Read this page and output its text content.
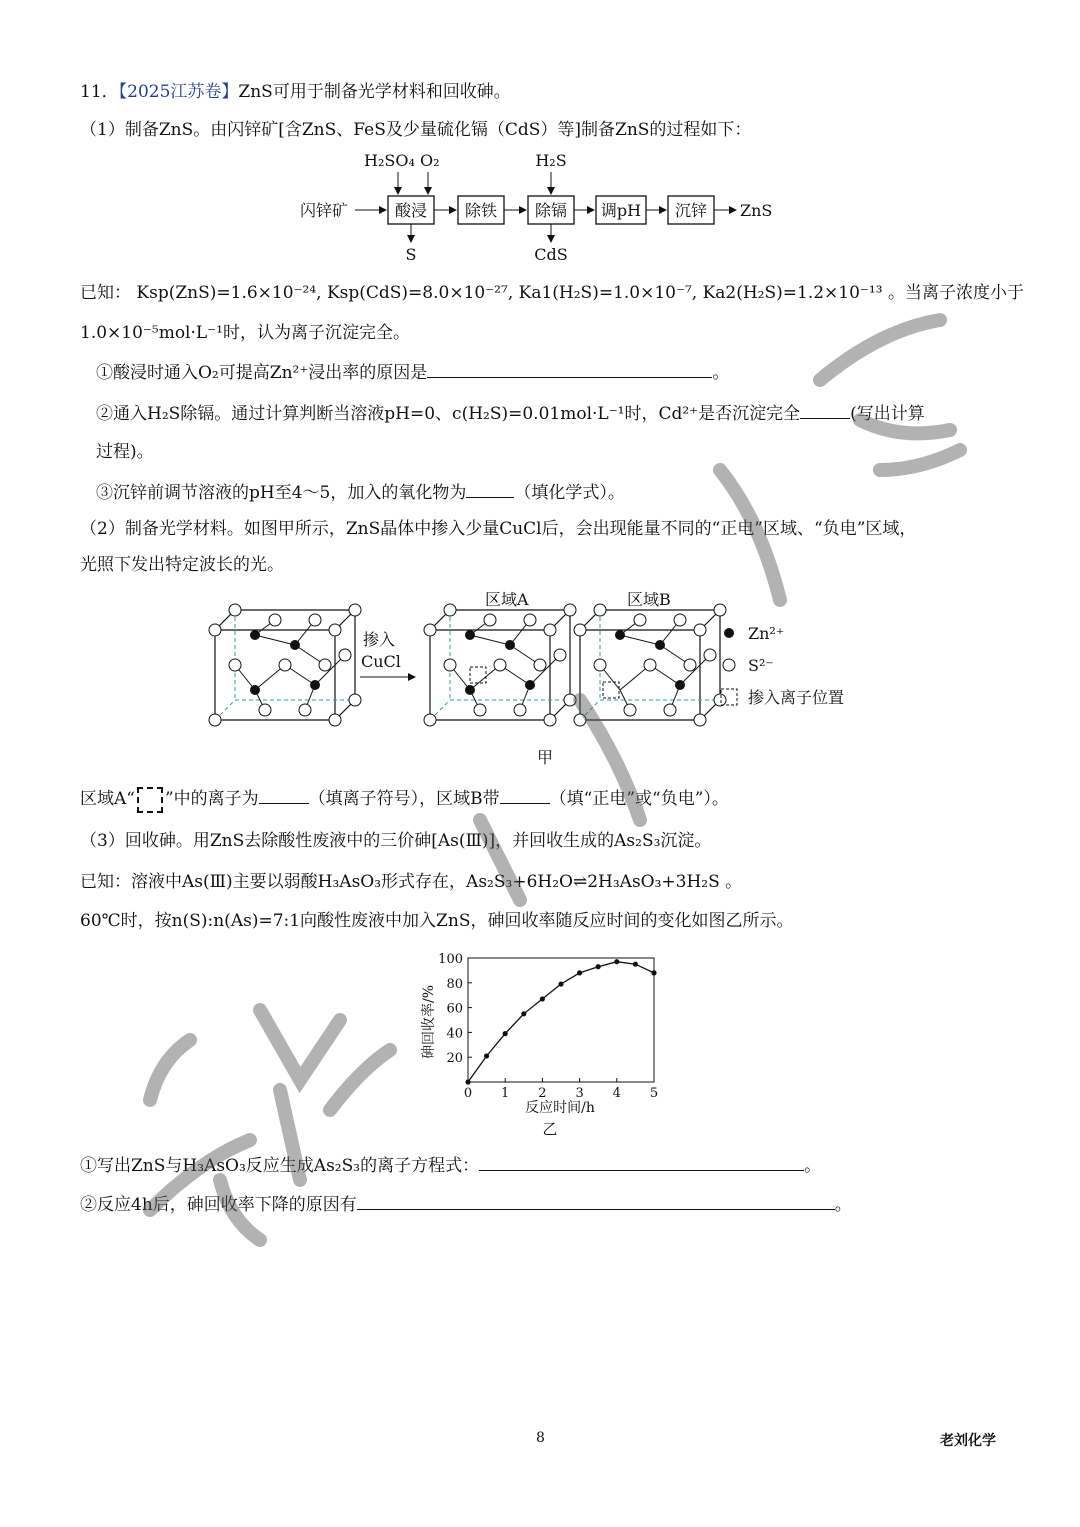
11．【2025江苏卷】ZnS可用于制备光学材料和回收砷。
（1）制备ZnS。由闪锌矿[含ZnS、FeS及少量硫化镉（CdS）等]制备ZnS的过程如下：
闪锌矿	酸浸 除铁 除镉 调pH 沉锌 ZnS
H₂SO₄ O₂
S
H₂S
CdS
已知： Ksp(ZnS)=1.6×10⁻²⁴, Ksp(CdS)=8.0×10⁻²⁷, Ka1(H₂S)=1.0×10⁻⁷, Ka2(H₂S)=1.2×10⁻¹³ 。当离子浓度小于
1.0×10⁻⁵mol·L⁻¹时，认为离子沉淀完全。
①酸浸时通入O₂可提高Zn²⁺浸出率的原因是	。
②通入H₂S除镉。通过计算判断当溶液pH=0、c(H₂S)=0.01mol·L⁻¹时，Cd²⁺是否沉淀完全	(写出计算
过程)。
③沉锌前调节溶液的pH至4～5，加入的氧化物为	（填化学式）。
（2）制备光学材料。如图甲所示，ZnS晶体中掺入少量CuCl后，会出现能量不同的“正电”区域、“负电”区域，
光照下发出特定波长的光。
掺入
CuCl
区域A	区域B
Zn²⁺
S²⁻
掺入离子位置
甲
区域A“ ”中的离子为	（填离子符号），区域B带	（填“正电”或“负电”）。
（3）回收砷。用ZnS去除酸性废液中的三价砷[As(Ⅲ)]，并回收生成的As₂S₃沉淀。
已知：溶液中As(Ⅲ)主要以弱酸H₃AsO₃形式存在，As₂S₃+6H₂O⇌2H₃AsO₃+3H₂S 。
60℃时，按n(S):n(As)=7:1向酸性废液中加入ZnS，砷回收率随反应时间的变化如图乙所示。
0 1 2 3 4 5
20
40
60
80
100
反应时间/h
砷回收率/%
乙
①写出ZnS与H₃AsO₃反应生成As₂S₃的离子方程式：	。
②反应4h后，砷回收率下降的原因有	。
8	老刘化学
